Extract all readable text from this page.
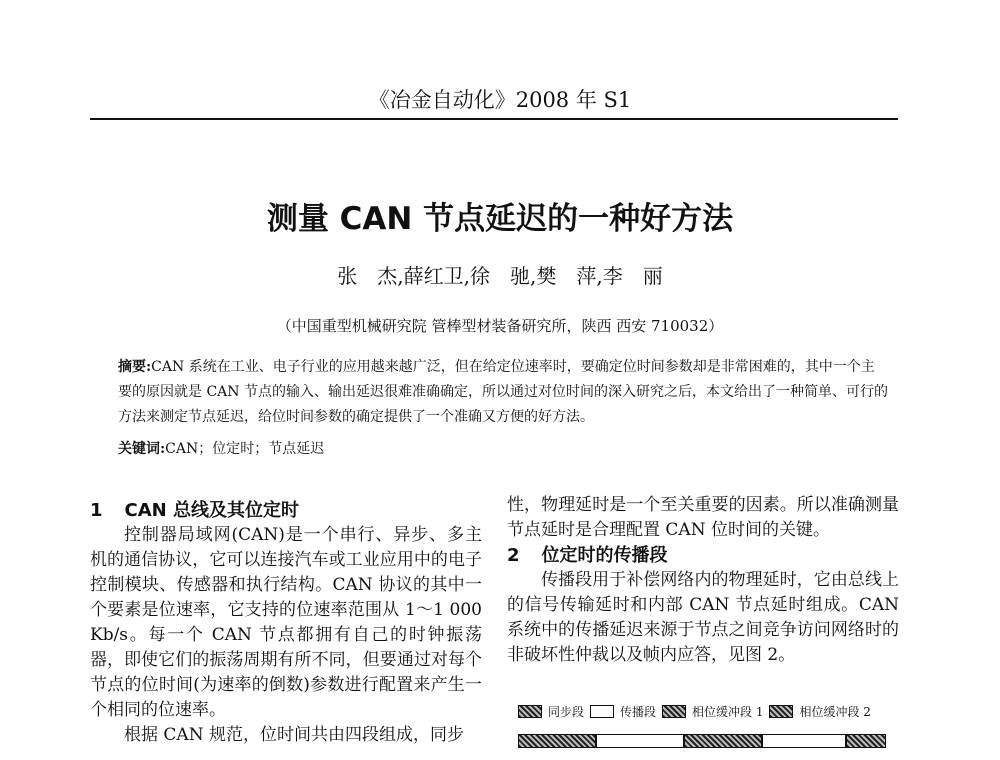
《冶金自动化》2008 年 S1
测量 CAN 节点延迟的一种好方法
张　杰,薛红卫,徐　驰,樊　萍,李　丽
（中国重型机械研究院 管棒型材装备研究所，陕西 西安 710032）
摘要:CAN 系统在工业、电子行业的应用越来越广泛，但在给定位速率时，要确定位时间参数却是非常困难的，其中一个主要的原因就是 CAN 节点的输入、输出延迟很难准确确定，所以通过对位时间的深入研究之后，本文给出了一种简单、可行的方法来测定节点延迟，给位时间参数的确定提供了一个准确又方便的好方法。
关键词:CAN；位定时；节点延迟
1 CAN 总线及其位定时

控制器局域网(CAN)是一个串行、异步、多主机的通信协议，它可以连接汽车或工业应用中的电子控制模块、传感器和执行结构。CAN 协议的其中一个要素是位速率，它支持的位速率范围从 1～1 000 Kb/s。每一个 CAN 节点都拥有自己的时钟振荡器，即使它们的振荡周期有所不同，但要通过对每个节点的位时间(为速率的倒数)参数进行配置来产生一个相同的位速率。

根据 CAN 规范，位时间共由四段组成，同步

性，物理延时是一个至关重要的因素。所以准确测量节点延时是合理配置 CAN 位时间的关键。

2 位定时的传播段

传播段用于补偿网络内的物理延时，它由总线上的信号传输延时和内部 CAN 节点延时组成。CAN 系统中的传播延迟来源于节点之间竞争访问网络时的非破坏性仲裁以及帧内应答，见图 2。

同步段	传播段	相位缓冲段 1	相位缓冲段 2
